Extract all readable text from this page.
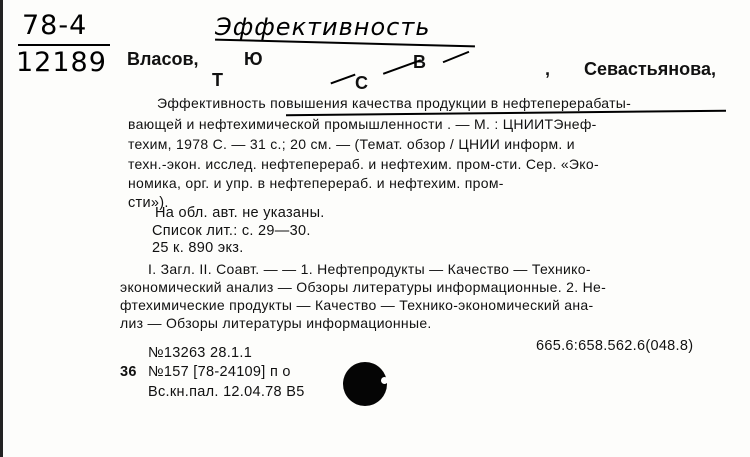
78-4
12189
Эффективность
Власов,	Ю
Т	С
В	, Севастьянова,
Эффективность повышения качества продукции в нефтеперерабаты-
вающей и нефтехимической промышленности . — М. : ЦНИИТЭнеф-
техим, 1978 С. — 31 с.; 20 см. — (Темат. обзор / ЦНИИ информ. и
техн.-экон. исслед. нефтеперераб. и нефтехим. пром-сти. Сер. «Эко-
номика, орг. и упр. в нефтеперераб. и нефтехим. пром-
сти»).
На обл. авт. не указаны.
Список лит.: с. 29—30.
25 к. 890 экз.
I. Загл. II. Соавт. — — 1. Нефтепродукты — Качество — Технико-
экономический анализ — Обзоры литературы информационные. 2. Не-
фтехимические продукты — Качество — Технико-экономический ана-
лиз — Обзоры литературы информационные.
665.6:658.562.6(048.8)
№13263 28.1.1
36 №157 [78-24109] п о
Вс.кн.пал. 12.04.78 В5
